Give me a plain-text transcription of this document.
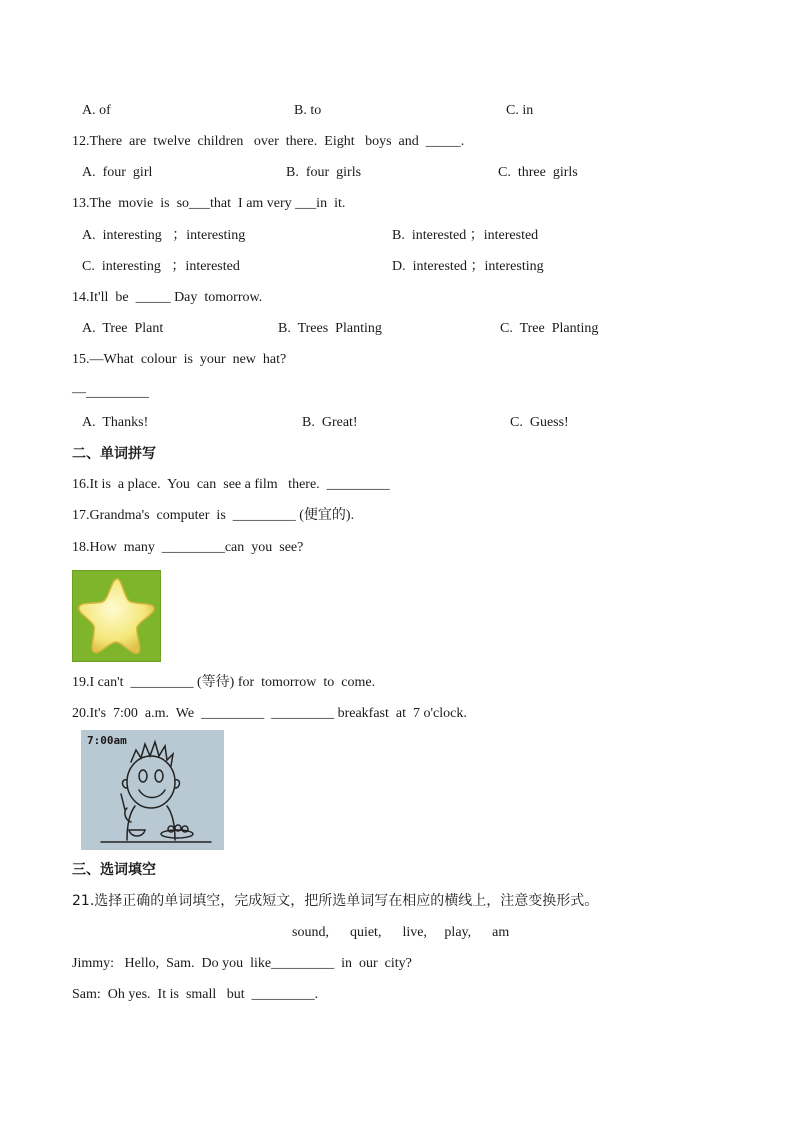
A. of	B. to	C. in
12.There  are  twelve  children   over  there.  Eight   boys  and  _____.
A.  four  girl	B.  four  girls	C.  three  girls
13.The  movie  is  so___that  I am very ___in  it.
A.  interesting   ；interesting	B.  interested ；interested
C.  interesting   ；interested	D.  interested ；interesting
14.It'll  be  _____ Day  tomorrow.
A.  Tree  Plant	B.  Trees  Planting	C.  Tree  Planting
15.—What  colour  is  your  new  hat?
—_________
A.  Thanks!	B.  Great!	C.  Guess!
二、单词拼写
16.It is  a place.  You  can  see a film   there.  _________
17.Grandma's  computer  is  _________ (便宜的).
18.How  many  _________can  you  see?
19.I can't  _________ (等待) for  tomorrow  to  come.
20.It's  7:00  a.m.  We  _________  _________ breakfast  at  7 o'clock.
7:00am
三、选词填空
21.选择正确的单词填空，完成短文，把所选单词写在相应的横线上，注意变换形式。
sound,      quiet,      live,     play,      am
Jimmy:   Hello,  Sam.  Do you  like_________  in  our  city?
Sam:  Oh yes.  It is  small   but  _________.
